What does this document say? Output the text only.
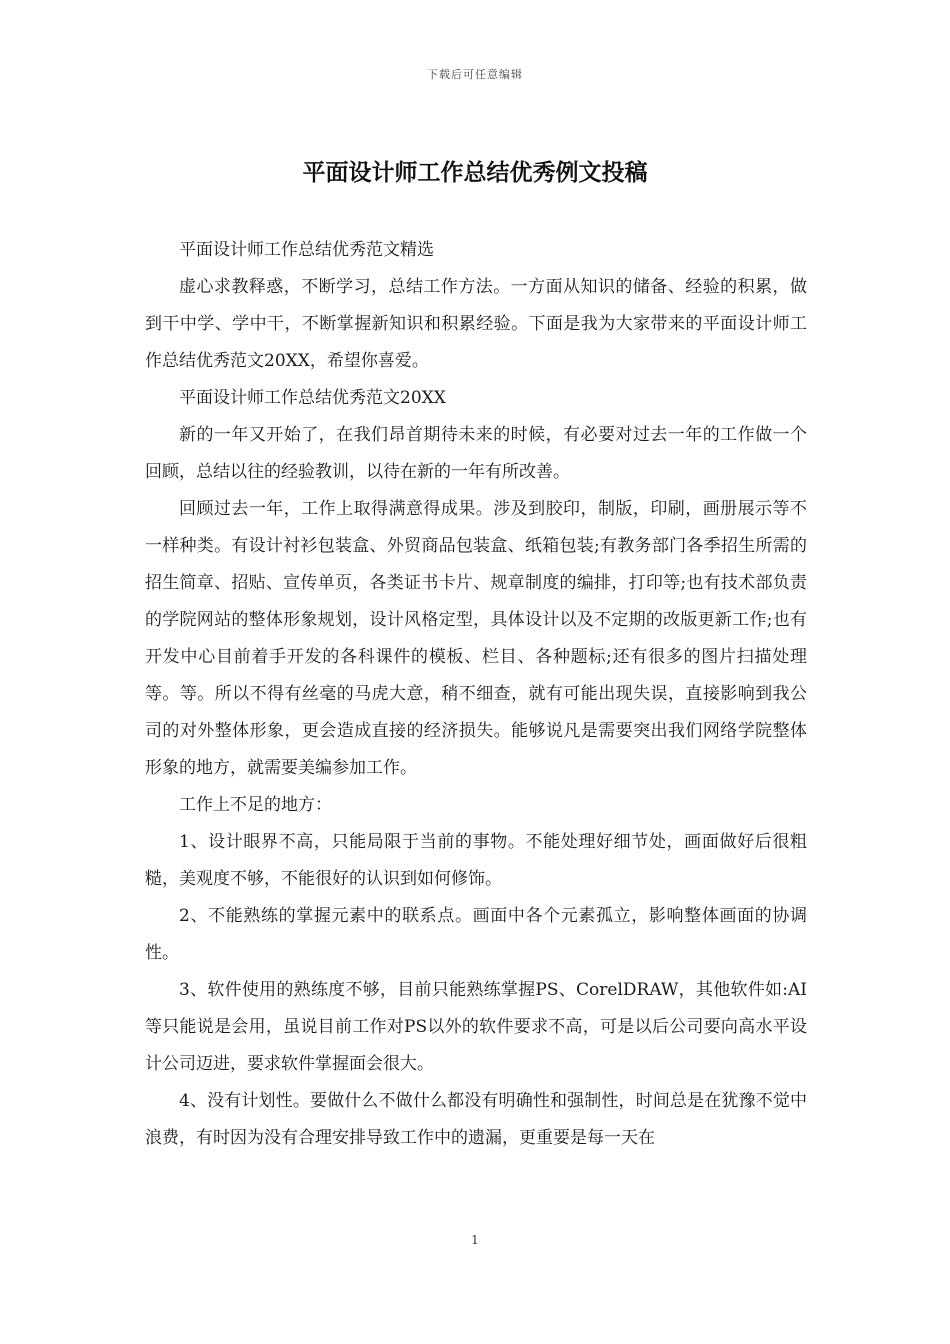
下载后可任意编辑
平面设计师工作总结优秀例文投稿

平面设计师工作总结优秀范文精选

虚心求教释惑，不断学习，总结工作方法。一方面从知识的储备、经验的积累，做到干中学、学中干，不断掌握新知识和积累经验。下面是我为大家带来的平面设计师工作总结优秀范文20XX，希望你喜爱。

平面设计师工作总结优秀范文20XX

新的一年又开始了，在我们昂首期待未来的时候，有必要对过去一年的工作做一个回顾，总结以往的经验教训，以待在新的一年有所改善。

回顾过去一年，工作上取得满意得成果。涉及到胶印，制版，印刷，画册展示等不一样种类。有设计衬衫包装盒、外贸商品包装盒、纸箱包装;有教务部门各季招生所需的招生简章、招贴、宣传单页，各类证书卡片、规章制度的编排，打印等;也有技术部负责的学院网站的整体形象规划，设计风格定型，具体设计以及不定期的改版更新工作;也有开发中心目前着手开发的各科课件的模板、栏目、各种题标;还有很多的图片扫描处理等。等。所以不得有丝毫的马虎大意，稍不细查，就有可能出现失误，直接影响到我公司的对外整体形象，更会造成直接的经济损失。能够说凡是需要突出我们网络学院整体形象的地方，就需要美编参加工作。

工作上不足的地方：

1、设计眼界不高，只能局限于当前的事物。不能处理好细节处，画面做好后很粗糙，美观度不够，不能很好的认识到如何修饰。

2、不能熟练的掌握元素中的联系点。画面中各个元素孤立，影响整体画面的协调性。

3、软件使用的熟练度不够，目前只能熟练掌握PS、CorelDRAW，其他软件如:AI等只能说是会用，虽说目前工作对PS以外的软件要求不高，可是以后公司要向高水平设计公司迈进，要求软件掌握面会很大。

4、没有计划性。要做什么不做什么都没有明确性和强制性，时间总是在犹豫不觉中浪费，有时因为没有合理安排导致工作中的遗漏，更重要是每一天在

1
